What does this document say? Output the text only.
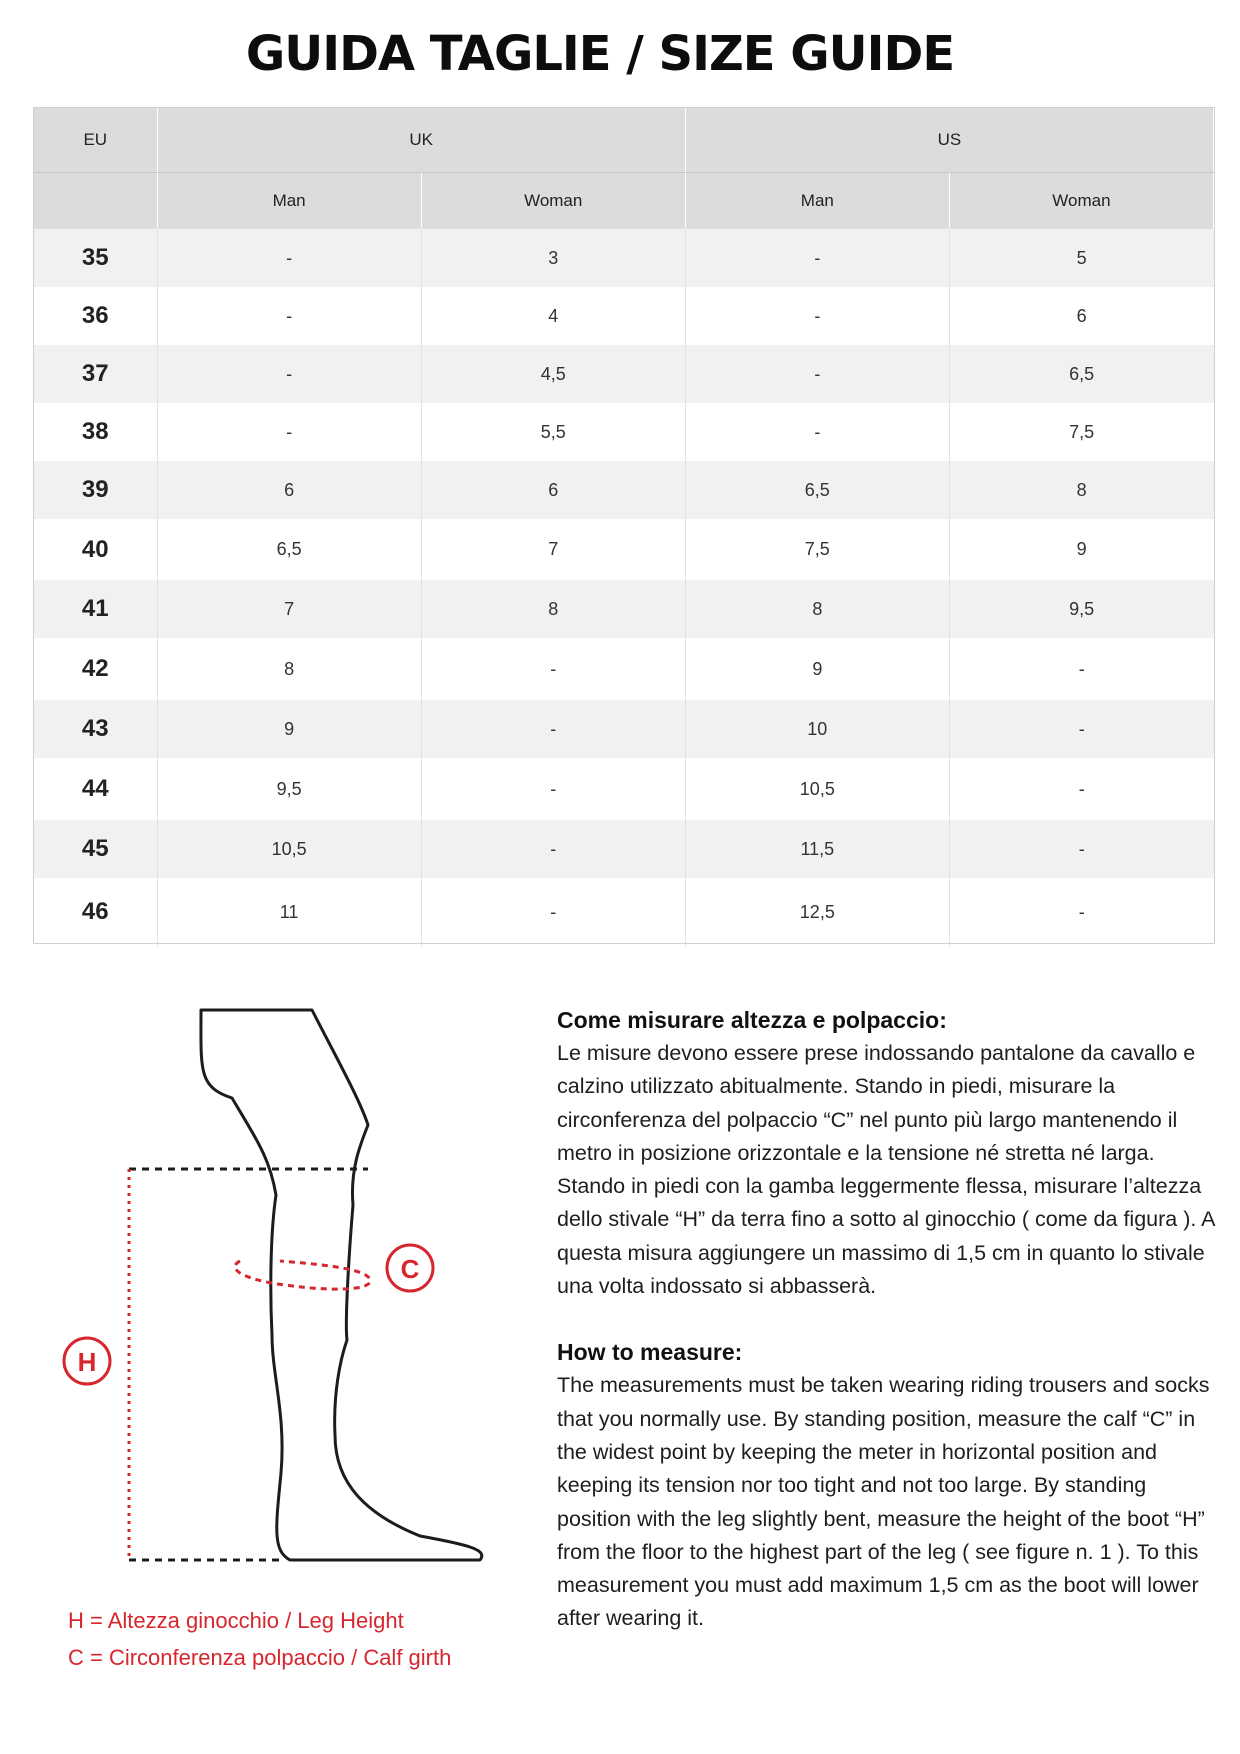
GUIDA TAGLIE / SIZE GUIDE
EU	UK		US	
	Man	Woman	Man	Woman
35	-	3	-	5
36	-	4	-	6
37	-	4,5	-	6,5
38	-	5,5	-	7,5
39	6	6	6,5	8
40	6,5	7	7,5	9
41	7	8	8	9,5
42	8	-	9	-
43	9	-	10	-
44	9,5	-	10,5	-
45	10,5	-	11,5	-
46	11	-	12,5	-
C
H
H = Altezza ginocchio / Leg Height
C = Circonferenza polpaccio / Calf girth
Come misurare altezza e polpaccio:

Le misure devono essere prese indossando pantalone da cavallo e calzino utilizzato abitualmente. Stando in piedi, misurare la circonferenza del polpaccio “C” nel punto più largo mantenendo il metro in posizione orizzontale e la tensione né stretta né larga. Stando in piedi con la gamba leggermente flessa, misurare l’altezza dello stivale “H” da terra fino a sotto al ginocchio ( come da figura ). A questa misura aggiungere un massimo di 1,5 cm in quanto lo stivale una volta indossato si abbasserà.

How to measure:

The measurements must be taken wearing riding trousers and socks that you normally use. By standing position, measure the calf “C” in the widest point by keeping the meter in horizontal position and keeping its tension nor too tight and not too large. By standing position with the leg slightly bent, measure the height of the boot “H” from the floor to the highest part of the leg ( see figure n. 1 ). To this measurement you must add maximum 1,5 cm as the boot will lower after wearing it.
